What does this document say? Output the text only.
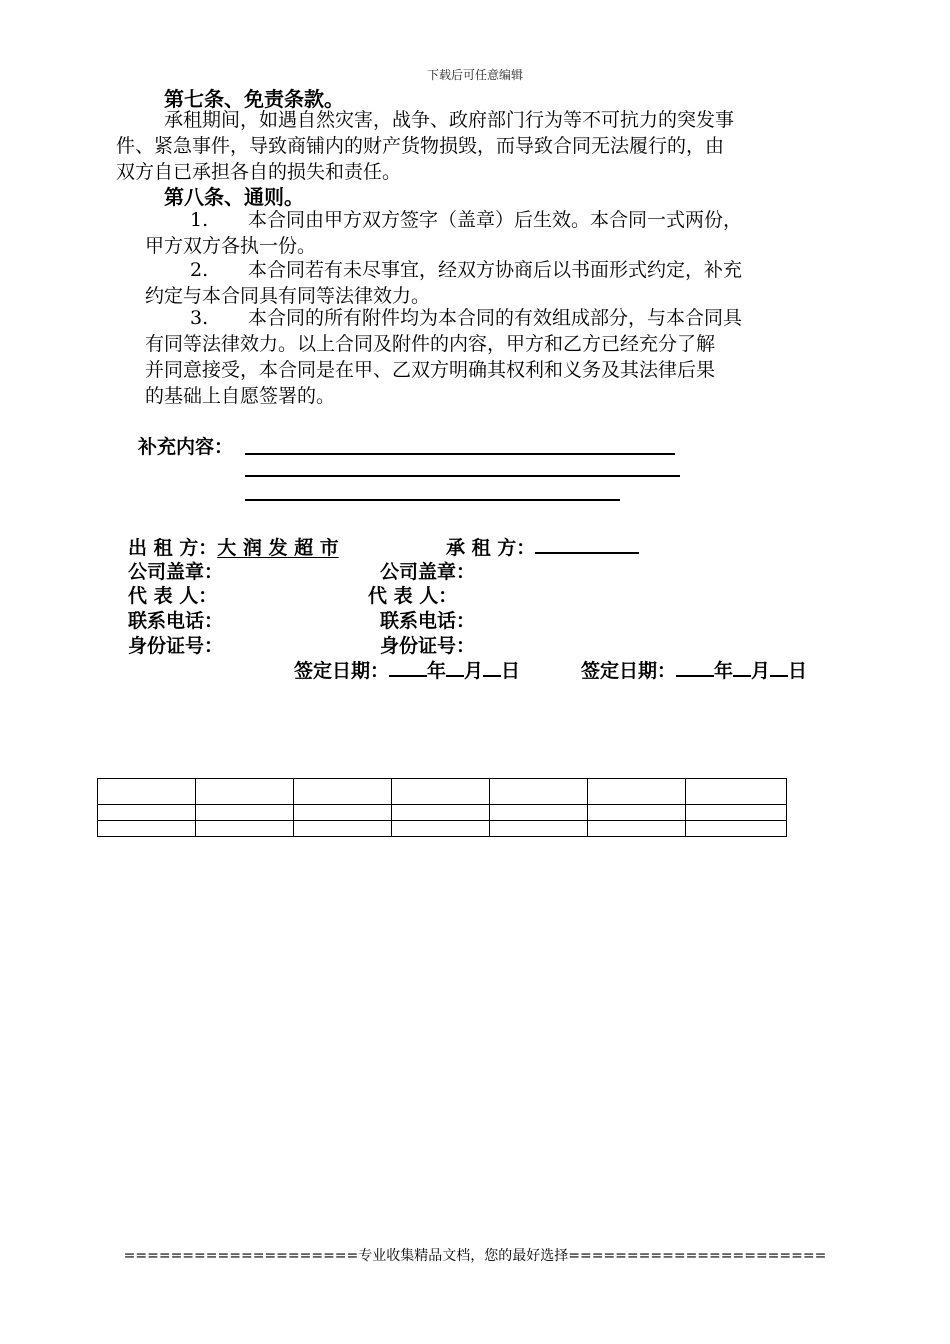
下载后可任意编辑
第七条、免责条款。
承租期间，如遇自然灾害，战争、政府部门行为等不可抗力的突发事
件、紧急事件，导致商铺内的财产货物损毁，而导致合同无法履行的，由
双方自已承担各自的损失和责任。
第八条、通则。
1. 本合同由甲方双方签字（盖章）后生效。本合同一式两份，
甲方双方各执一份。
2. 本合同若有未尽事宜，经双方协商后以书面形式约定，补充
约定与本合同具有同等法律效力。
3. 本合同的所有附件均为本合同的有效组成部分，与本合同具
有同等法律效力。以上合同及附件的内容，甲方和乙方已经充分了解
并同意接受，本合同是在甲、乙双方明确其权利和义务及其法律后果
的基础上自愿签署的。
补充内容：
出 租 方：大 润 发 超 市	承 租 方：
公司盖章：	公司盖章：
代 表 人：	代 表 人：
联系电话：	联系电话：
身份证号：	身份证号：
签定日期： 年 月 日	签定日期： 年 月 日

====================专业收集精品文档，您的最好选择======================
